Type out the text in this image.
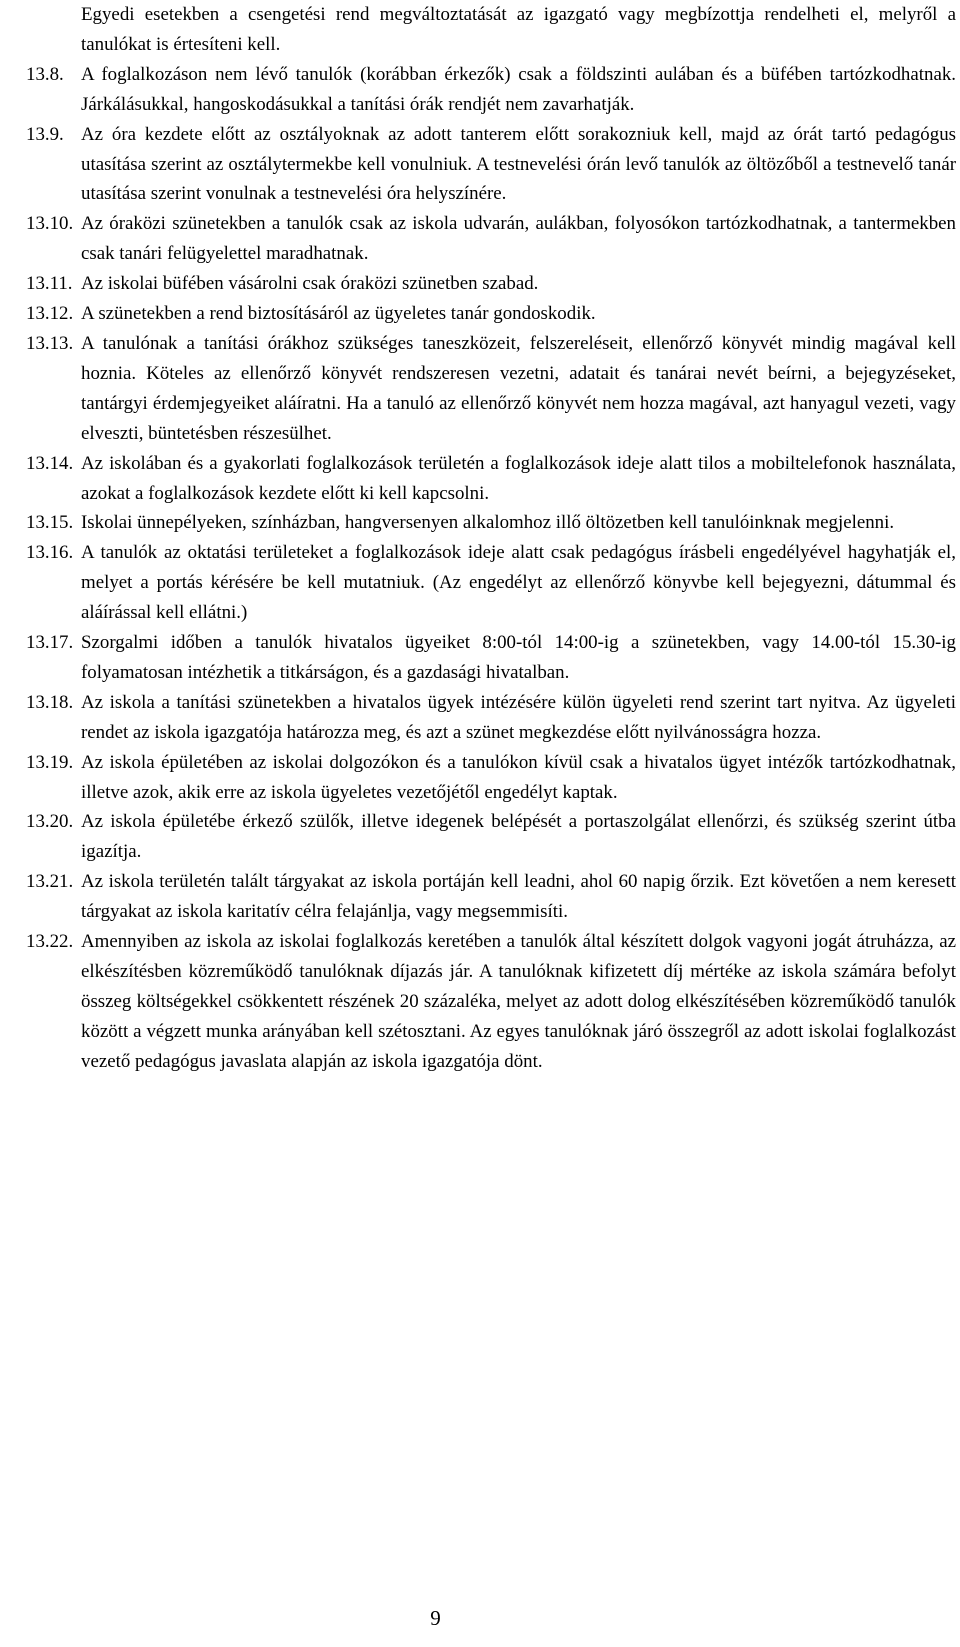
Egyedi esetekben a csengetési rend megváltoztatását az igazgató vagy megbízottja rendelheti el, melyről a tanulókat is értesíteni kell.
13.8. A foglalkozáson nem lévő tanulók (korábban érkezők) csak a földszinti aulában és a büfében tartózkodhatnak. Járkálásukkal, hangoskodásukkal a tanítási órák rendjét nem zavarhatják.
13.9. Az óra kezdete előtt az osztályoknak az adott tanterem előtt sorakozniuk kell, majd az órát tartó pedagógus utasítása szerint az osztálytermekbe kell vonulniuk. A testnevelési órán levő tanulók az öltözőből a testnevelő tanár utasítása szerint vonulnak a testnevelési óra helyszínére.
13.10. Az óraközi szünetekben a tanulók csak az iskola udvarán, aulákban, folyosókon tartózkodhatnak, a tantermekben csak tanári felügyelettel maradhatnak.
13.11. Az iskolai büfében vásárolni csak óraközi szünetben szabad.
13.12. A szünetekben a rend biztosításáról az ügyeletes tanár gondoskodik.
13.13. A tanulónak a tanítási órákhoz szükséges taneszközeit, felszereléseit, ellenőrző könyvét mindig magával kell hoznia. Köteles az ellenőrző könyvét rendszeresen vezetni, adatait és tanárai nevét beírni, a bejegyzéseket, tantárgyi érdemjegyeiket aláíratni. Ha a tanuló az ellenőrző könyvét nem hozza magával, azt hanyagul vezeti, vagy elveszti, büntetésben részesülhet.
13.14. Az iskolában és a gyakorlati foglalkozások területén a foglalkozások ideje alatt tilos a mobiltelefonok használata, azokat a foglalkozások kezdete előtt ki kell kapcsolni.
13.15. Iskolai ünnepélyeken, színházban, hangversenyen alkalomhoz illő öltözetben kell tanulóinknak megjelenni.
13.16. A tanulók az oktatási területeket a foglalkozások ideje alatt csak pedagógus írásbeli engedélyével hagyhatják el, melyet a portás kérésére be kell mutatniuk. (Az engedélyt az ellenőrző könyvbe kell bejegyezni, dátummal és aláírással kell ellátni.)
13.17. Szorgalmi időben a tanulók hivatalos ügyeiket 8:00-tól 14:00-ig a szünetekben, vagy 14.00-tól 15.30-ig folyamatosan intézhetik a titkárságon, és a gazdasági hivatalban.
13.18. Az iskola a tanítási szünetekben a hivatalos ügyek intézésére külön ügyeleti rend szerint tart nyitva. Az ügyeleti rendet az iskola igazgatója határozza meg, és azt a szünet megkezdése előtt nyilvánosságra hozza.
13.19. Az iskola épületében az iskolai dolgozókon és a tanulókon kívül csak a hivatalos ügyet intézők tartózkodhatnak, illetve azok, akik erre az iskola ügyeletes vezetőjétől engedélyt kaptak.
13.20. Az iskola épületébe érkező szülők, illetve idegenek belépését a portaszolgálat ellenőrzi, és szükség szerint útba igazítja.
13.21. Az iskola területén talált tárgyakat az iskola portáján kell leadni, ahol 60 napig őrzik. Ezt követően a nem keresett tárgyakat az iskola karitatív célra felajánlja, vagy megsemmisíti.
13.22. Amennyiben az iskola az iskolai foglalkozás keretében a tanulók által készített dolgok vagyoni jogát átruházza, az elkészítésben közreműködő tanulóknak díjazás jár. A tanulóknak kifizetett díj mértéke az iskola számára befolyt összeg költségekkel csökkentett részének 20 százaléka, melyet az adott dolog elkészítésében közreműködő tanulók között a végzett munka arányában kell szétosztani. Az egyes tanulóknak járó összegről az adott iskolai foglalkozást vezető pedagógus javaslata alapján az iskola igazgatója dönt.
9
